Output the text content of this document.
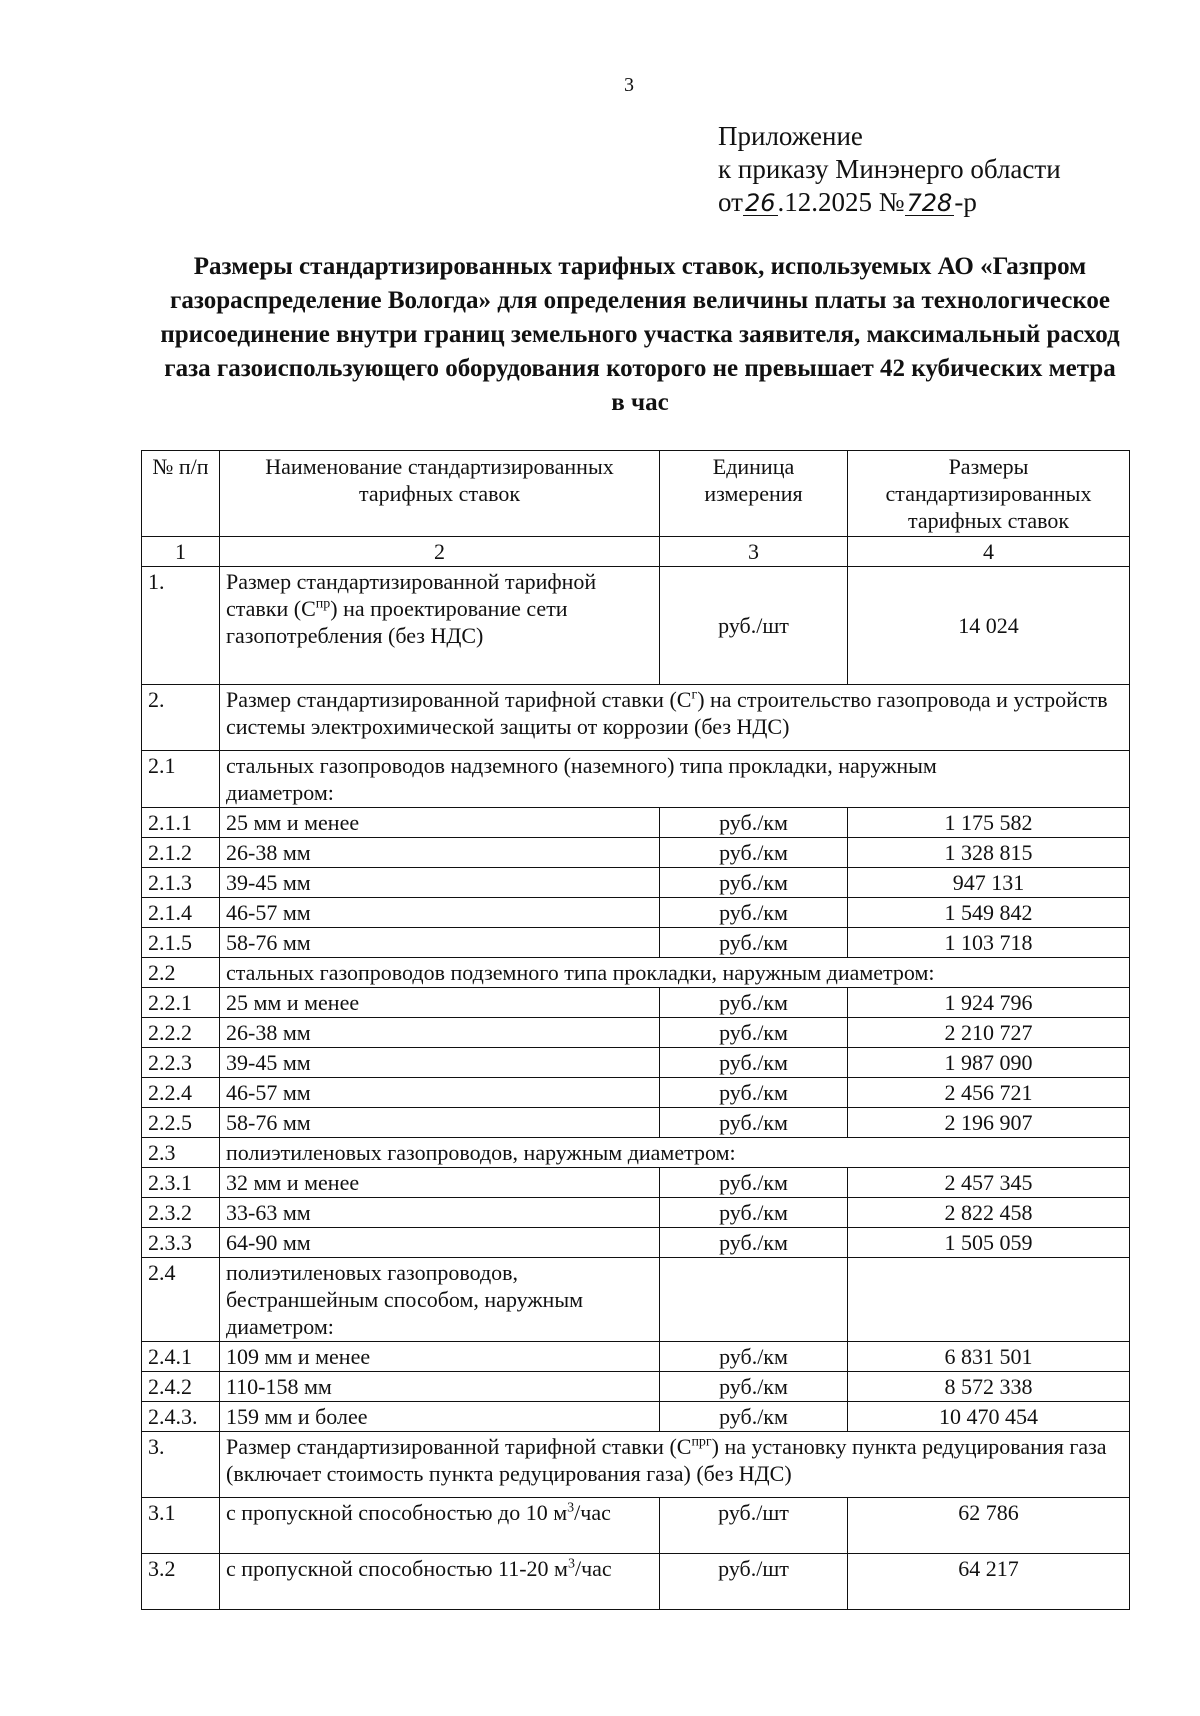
3
Приложение
к приказу Минэнерго области
от26.12.2025 №728-р
Размеры стандартизированных тарифных ставок, используемых АО «Газпром газораспределение Вологда» для определения величины платы за технологическое присоединение внутри границ земельного участка заявителя, максимальный расход газа газоиспользующего оборудования которого не превышает 42 кубических метра в час
№ п/п	Наименование стандартизированных тарифных ставок	Единица измерения	Размеры стандартизированных тарифных ставок
1	2	3	4
1.	Размер стандартизированной тарифной ставки $(С^{пр})$ на проектирование сети газопотребления (без НДС)	руб./шт	14 024
2.	Размер стандартизированной тарифной ставки $(С^г)$ на строительство газопровода и устройств системы электрохимической защиты от коррозии (без НДС)		
2.1	стальных газопроводов надземного (наземного) типа прокладки, наружным диаметром:		
2.1.1	25 мм и менее	руб./км	1 175 582
2.1.2	26-38 мм	руб./км	1 328 815
2.1.3	39-45 мм	руб./км	947 131
2.1.4	46-57 мм	руб./км	1 549 842
2.1.5	58-76 мм	руб./км	1 103 718
2.2	стальных газопроводов подземного типа прокладки, наружным диаметром:		
2.2.1	25 мм и менее	руб./км	1 924 796
2.2.2	26-38 мм	руб./км	2 210 727
2.2.3	39-45 мм	руб./км	1 987 090
2.2.4	46-57 мм	руб./км	2 456 721
2.2.5	58-76 мм	руб./км	2 196 907
2.3	полиэтиленовых газопроводов, наружным диаметром:		
2.3.1	32 мм и менее	руб./км	2 457 345
2.3.2	33-63 мм	руб./км	2 822 458
2.3.3	64-90 мм	руб./км	1 505 059
2.4	полиэтиленовых газопроводов, бестраншейным способом, наружным диаметром:		
2.4.1	109 мм и менее	руб./км	6 831 501
2.4.2	110-158 мм	руб./км	8 572 338
2.4.3.	159 мм и более	руб./км	10 470 454
3.	Размер стандартизированной тарифной ставки $(С^{прг})$ на установку пункта редуцирования газа (включает стоимость пункта редуцирования газа) (без НДС)		
3.1	с пропускной способностью до 10 $м^3$/час	руб./шт	62 786
3.2	с пропускной способностью 11-20 $м^3$/час	руб./шт	64 217
